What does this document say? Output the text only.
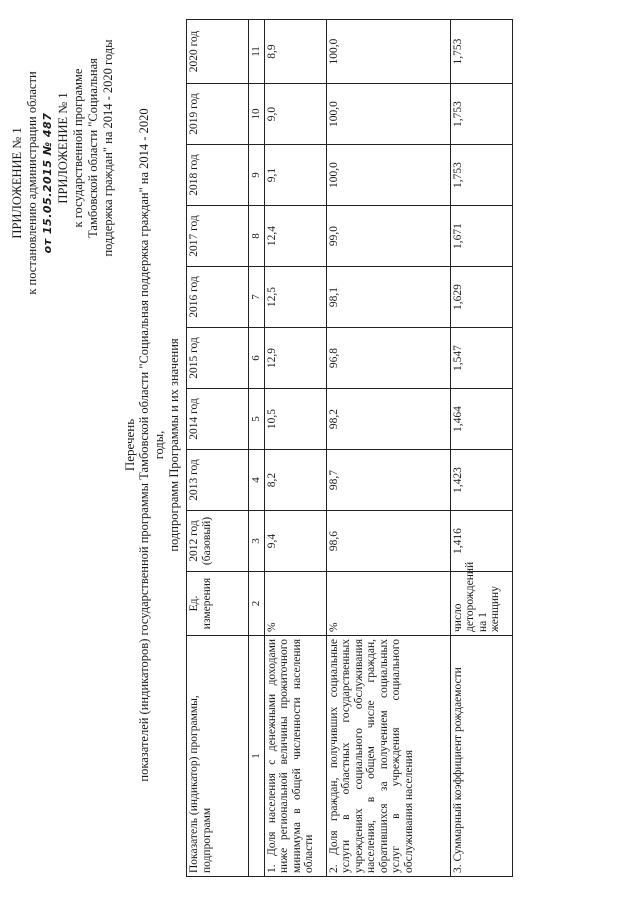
ПРИЛОЖЕНИЕ № 1 к постановлению администрации области от 15.05.2015 № 487 ПРИЛОЖЕНИЕ № 1 к государственной программе Тамбовской области "Социальная поддержка граждан" на 2014 - 2020 годы
Перечень показателей (индикаторов) государственной программы Тамбовской области "Социальная поддержка граждан" на 2014 - 2020 годы, подпрограмм Программы и их значения
Показатель (индикатор) программы, подпрограмм	Ед. измерения	2012 год (базовый)	2013 год	2014 год	2015 год	2016 год	2017 год	2018 год	2019 год	2020 год
1	2	3	4	5	6	7	8	9	10	11
1. Доля населения с денежными доходами ниже региональной величины прожиточного минимума в общей численности населения области	%	9,4	8,2	10,5	12,9	12,5	12,4	9,1	9,0	8,9
2. Доля граждан, получивших социальные услуги в областных государственных учреждениях социального обслуживания населения, в общем числе граждан, обратившихся за получением социальных услуг в учреждения социального обслуживания населения	%	98,6	98,7	98,2	96,8	98,1	99,0	100,0	100,0	100,0
3. Суммарный коэффициент рождаемости	число деторождений на 1 женщину	1,416	1,423	1,464	1,547	1,629	1,671	1,753	1,753	1,753
